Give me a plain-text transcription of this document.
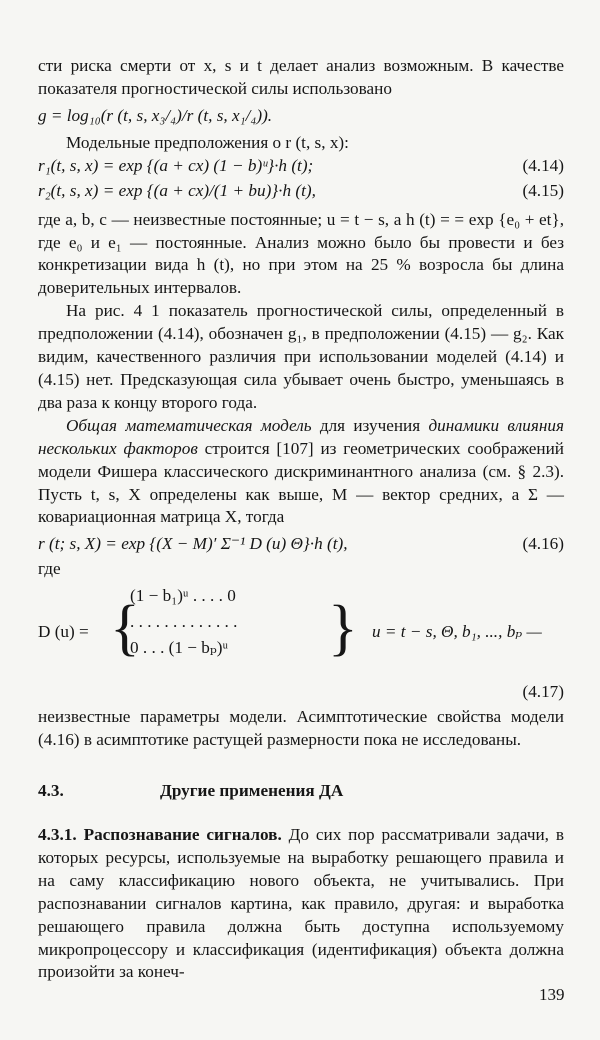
сти риска смерти от x, s и t делает анализ возможным. В качестве показателя прогностической силы использовано

g = log₁₀(r (t, s, x₃/₄)/r (t, s, x₁/₄)).

Модельные предположения о r (t, s, x):

r₁(t, s, x) = exp {(a + cx) (1 − b)ᵘ}·h (t);	(4.14)
r₂(t, s, x) = exp {(a + cx)/(1 + bu)}·h (t),	(4.15)

где a, b, c — неизвестные постоянные; u = t − s, а h (t) = = exp {e₀ + et}, где e₀ и e₁ — постоянные. Анализ можно было бы провести и без конкретизации вида h (t), но при этом на 25 % возросла бы длина доверительных интервалов.

На рис. 4 1 показатель прогностической силы, определенный в предположении (4.14), обозначен g₁, в предположении (4.15) — g₂. Как видим, качественного различия при использовании моделей (4.14) и (4.15) нет. Предсказующая сила убывает очень быстро, уменьшаясь в два раза к концу второго года.

Общая математическая модель для изучения динамики влияния нескольких факторов строится [107] из геометрических соображений модели Фишера классического дискриминантного анализа (см. § 2.3). Пусть t, s, X определены как выше, M — вектор средних, а Σ — ковариационная матрица X, тогда

r (t; s, X) = exp {(X − M)′ Σ⁻¹ D (u) Θ}·h (t),	(4.16)

где

D (u) = {
(1 − b₁)ᵘ . . . . 0
. . . . . . . . . . . . .
0 . . . (1 − bₚ)ᵘ } u = t − s, Θ, b₁, ..., bₚ —
(4.17)

неизвестные параметры модели. Асимптотические свойства модели (4.16) в асимптотике растущей размерности пока не исследованы.

4.3.	Другие применения ДА

4.3.1. Распознавание сигналов. До сих пор рассматривали задачи, в которых ресурсы, используемые на выработку решающего правила и на саму классификацию нового объекта, не учитывались. При распознавании сигналов картина, как правило, другая: и выработка решающего правила должна быть доступна используемому микропроцессору и классификация (идентификация) объекта должна произойти за конеч-

139
